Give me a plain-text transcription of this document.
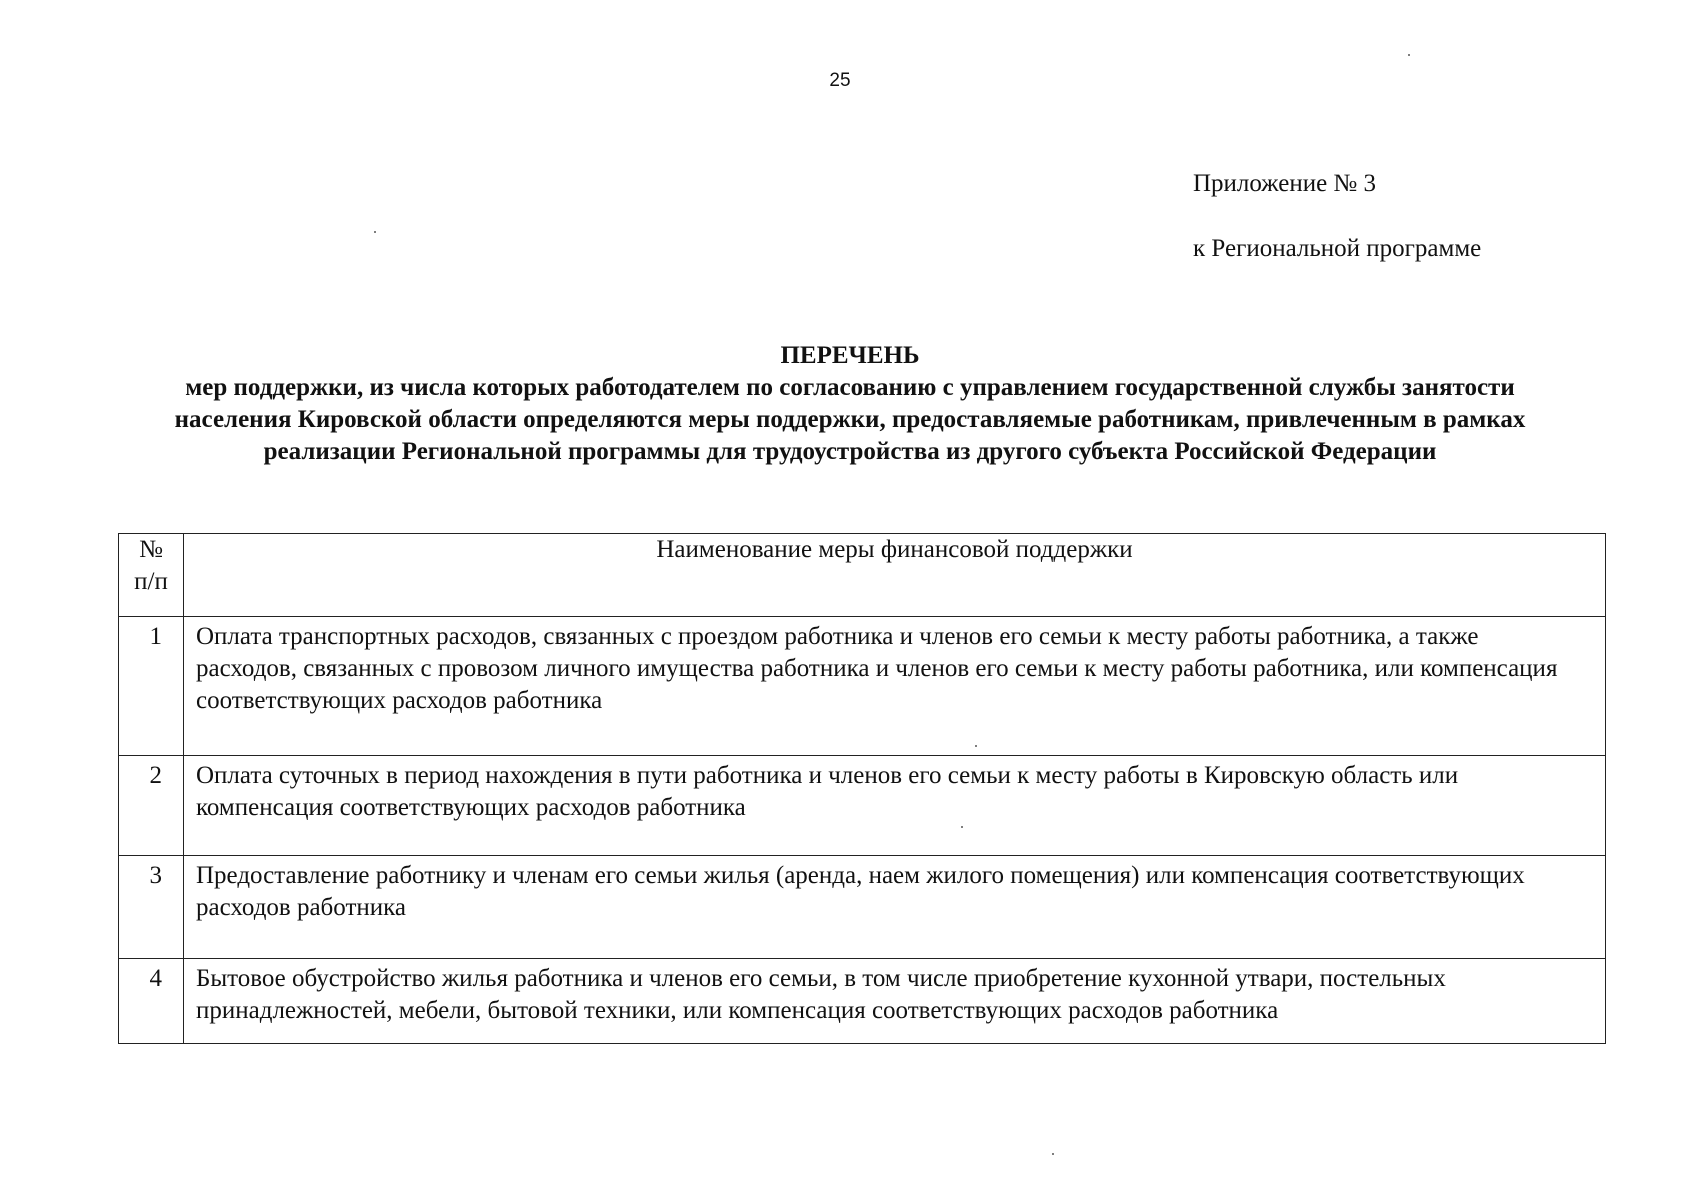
25
Приложение № 3
к Региональной программе
ПЕРЕЧЕНЬ
мер поддержки, из числа которых работодателем по согласованию с управлением государственной службы занятости населения Кировской области определяются меры поддержки, предоставляемые работникам, привлеченным в рамках реализации Региональной программы для трудоустройства из другого субъекта Российской Федерации
№
п/п	Наименование меры финансовой поддержки
1	Оплата транспортных расходов, связанных с проездом работника и членов его семьи к месту работы работника, а также расходов, связанных с провозом личного имущества работника и членов его семьи к месту работы работника, или компенсация соответствующих расходов работника
2	Оплата суточных в период нахождения в пути работника и членов его семьи к месту работы в Кировскую область или компенсация соответствующих расходов работника
3	Предоставление работнику и членам его семьи жилья (аренда, наем жилого помещения) или компенсация соответствующих расходов работника
4	Бытовое обустройство жилья работника и членов его семьи, в том числе приобретение кухонной утвари, постельных принадлежностей, мебели, бытовой техники, или компенсация соответствующих расходов работника
